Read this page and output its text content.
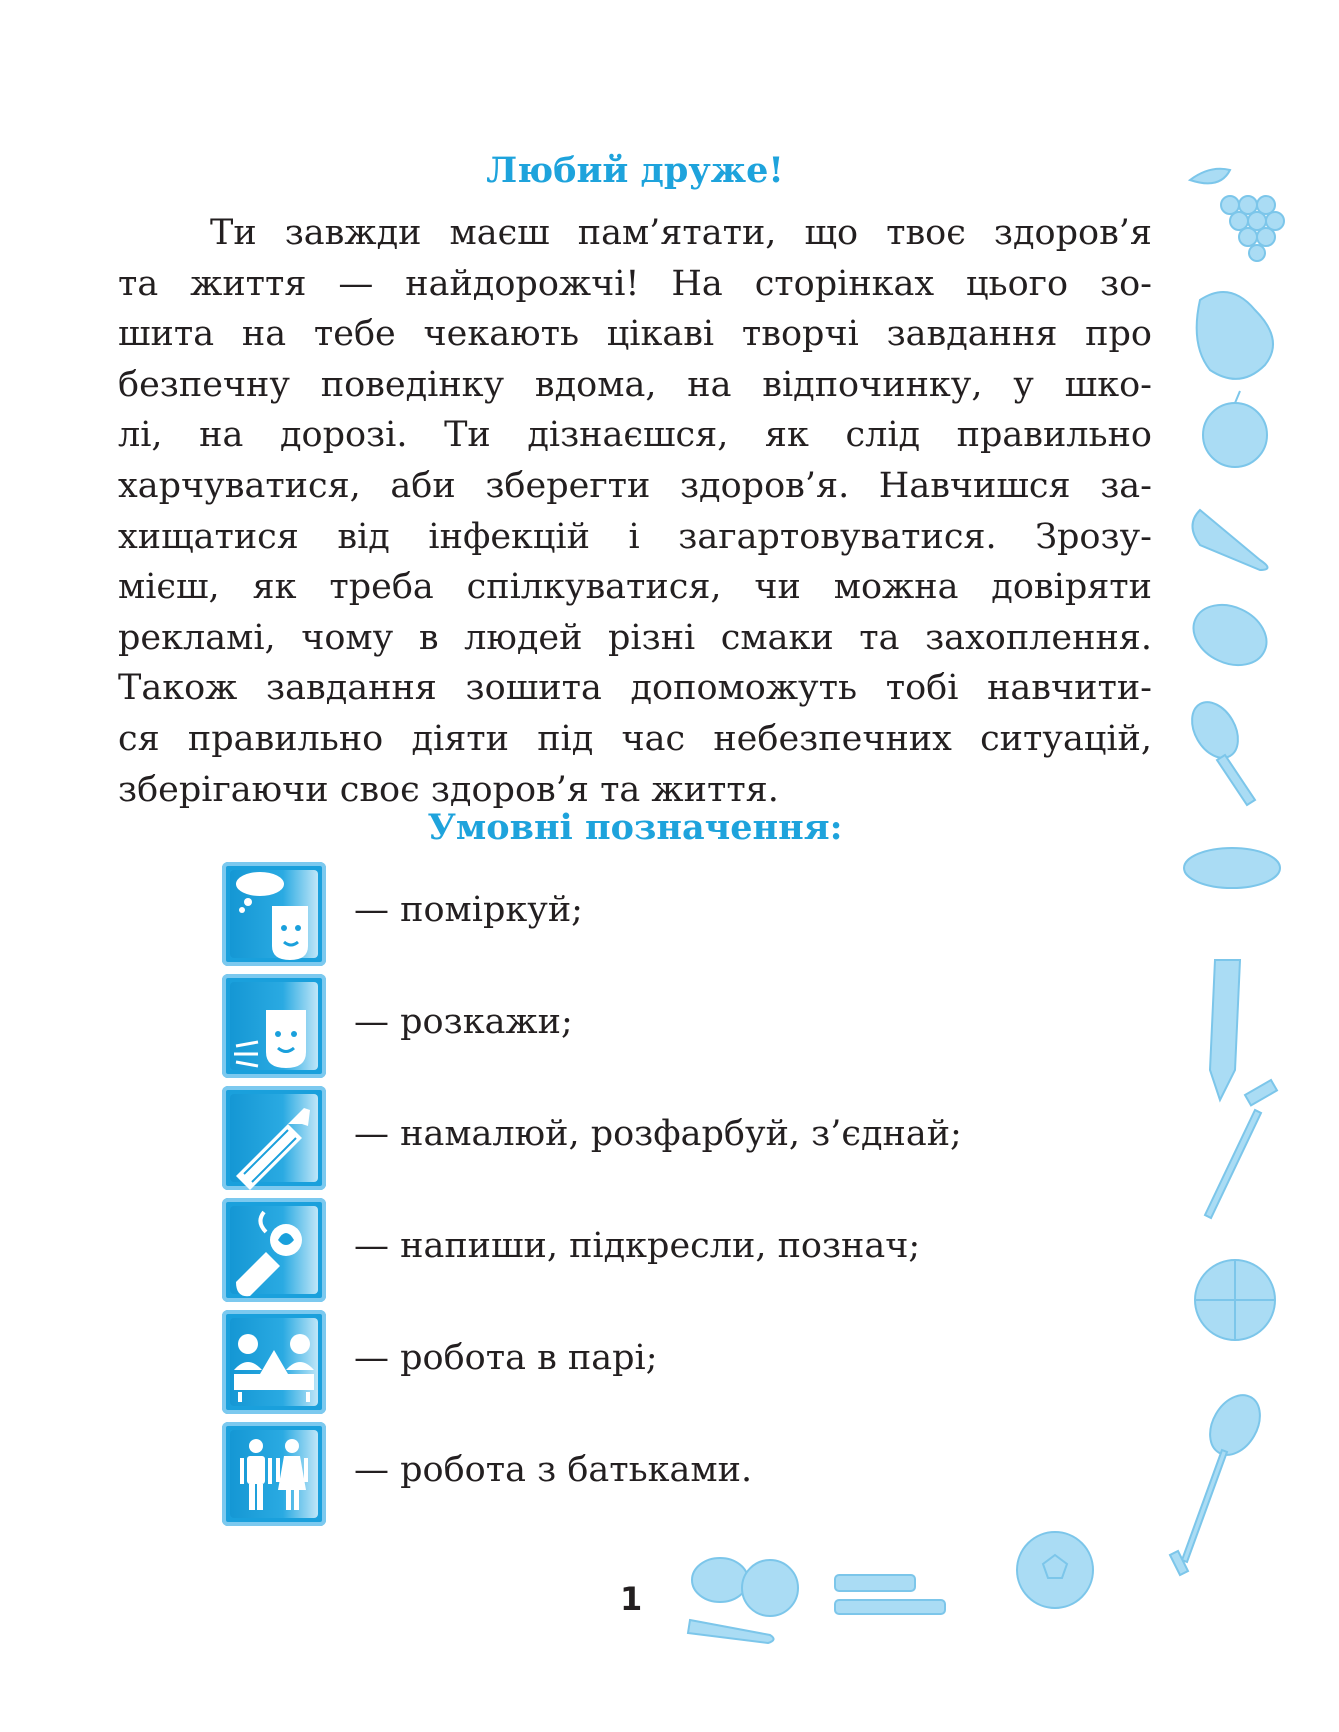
Любий друже!
Ти завжди маєш пам’ятати, що твоє здоров’я
та життя — найдорожчі! На сторінках цього зо-
шита на тебе чекають цікаві творчі завдання про
безпечну поведінку вдома, на відпочинку, у шко-
лі, на дорозі. Ти дізнаєшся, як слід правильно
харчуватися, аби зберегти здоров’я. Навчишся за-
хищатися від інфекцій і загартовуватися. Зрозу-
мієш, як треба спілкуватися, чи можна довіряти
рекламі, чому в людей різні смаки та захоплення.
Також завдання зошита допоможуть тобі навчити-
ся правильно діяти під час небезпечних ситуацій,
зберігаючи своє здоров’я та життя.
Умовні позначення:
— поміркуй;
— розкажи;
— намалюй, розфарбуй, з’єднай;
— напиши, підкресли, познач;
— робота в парі;
— робота з батьками.
1
